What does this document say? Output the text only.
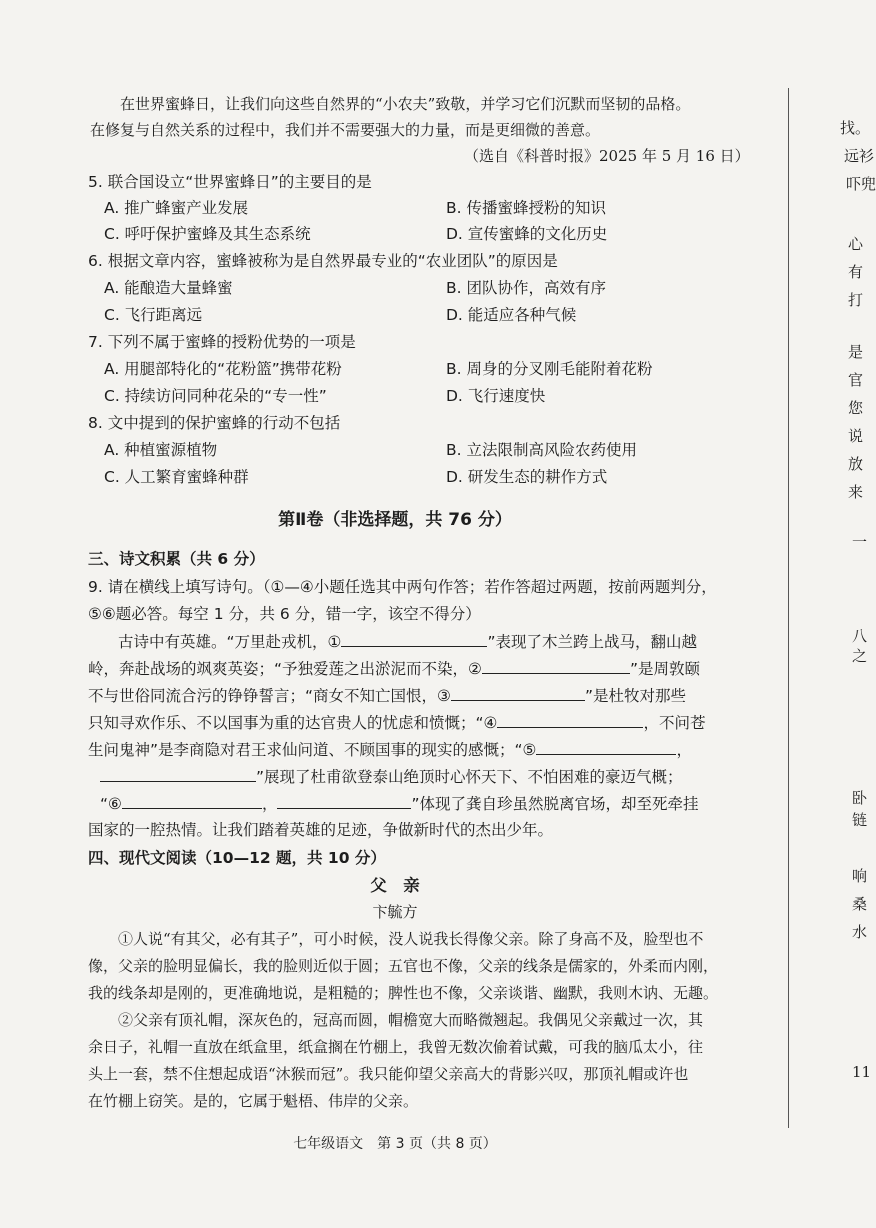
在世界蜜蜂日，让我们向这些自然界的“小农夫”致敬，并学习它们沉默而坚韧的品格。
在修复与自然关系的过程中，我们并不需要强大的力量，而是更细微的善意。
（选自《科普时报》2025 年 5 月 16 日）
5. 联合国设立“世界蜜蜂日”的主要目的是
A. 推广蜂蜜产业发展	B. 传播蜜蜂授粉的知识
C. 呼吁保护蜜蜂及其生态系统	D. 宣传蜜蜂的文化历史
6. 根据文章内容，蜜蜂被称为是自然界最专业的“农业团队”的原因是
A. 能酿造大量蜂蜜	B. 团队协作，高效有序
C. 飞行距离远	D. 能适应各种气候
7. 下列不属于蜜蜂的授粉优势的一项是
A. 用腿部特化的“花粉篮”携带花粉	B. 周身的分叉刚毛能附着花粉
C. 持续访问同种花朵的“专一性”	D. 飞行速度快
8. 文中提到的保护蜜蜂的行动不包括
A. 种植蜜源植物	B. 立法限制高风险农药使用
C. 人工繁育蜜蜂种群	D. 研发生态的耕作方式
第Ⅱ卷（非选择题，共 76 分）
三、诗文积累（共 6 分）
9. 请在横线上填写诗句。（①—④小题任选其中两句作答；若作答超过两题，按前两题判分，
⑤⑥题必答。每空 1 分，共 6 分，错一字，该空不得分）
古诗中有英雄。“万里赴戎机，①	”表现了木兰跨上战马，翻山越
岭，奔赴战场的飒爽英姿；“予独爱莲之出淤泥而不染，②	”是周敦颐
不与世俗同流合污的铮铮誓言；“商女不知亡国恨，③	”是杜牧对那些
只知寻欢作乐、不以国事为重的达官贵人的忧虑和愤慨；“④	，不问苍
生问鬼神”是李商隐对君王求仙问道、不顾国事的现实的感慨；“⑤	，
”展现了杜甫欲登泰山绝顶时心怀天下、不怕困难的豪迈气概；
“⑥	，	”体现了龚自珍虽然脱离官场，却至死牵挂
国家的一腔热情。让我们踏着英雄的足迹，争做新时代的杰出少年。
四、现代文阅读（10—12 题，共 10 分）
父　亲
卞毓方
①人说“有其父，必有其子”，可小时候，没人说我长得像父亲。除了身高不及，脸型也不
像，父亲的脸明显偏长，我的脸则近似于圆；五官也不像，父亲的线条是儒家的，外柔而内刚，
我的线条却是刚的，更准确地说，是粗糙的；脾性也不像，父亲谈谐、幽默，我则木讷、无趣。
②父亲有顶礼帽，深灰色的，冠高而圆，帽檐宽大而略微翘起。我偶见父亲戴过一次，其
余日子，礼帽一直放在纸盒里，纸盒搁在竹棚上，我曾无数次偷着试戴，可我的脑瓜太小，往
头上一套，禁不住想起成语“沐猴而冠”。我只能仰望父亲高大的背影兴叹，那顶礼帽或许也
在竹棚上窃笑。是的，它属于魁梧、伟岸的父亲。
七年级语文　第 3 页（共 8 页）
找。
远衫
吓兜
心
有
打
是
官
您
说
放
来
一
八
之
卧
链
响
桑
水
11
